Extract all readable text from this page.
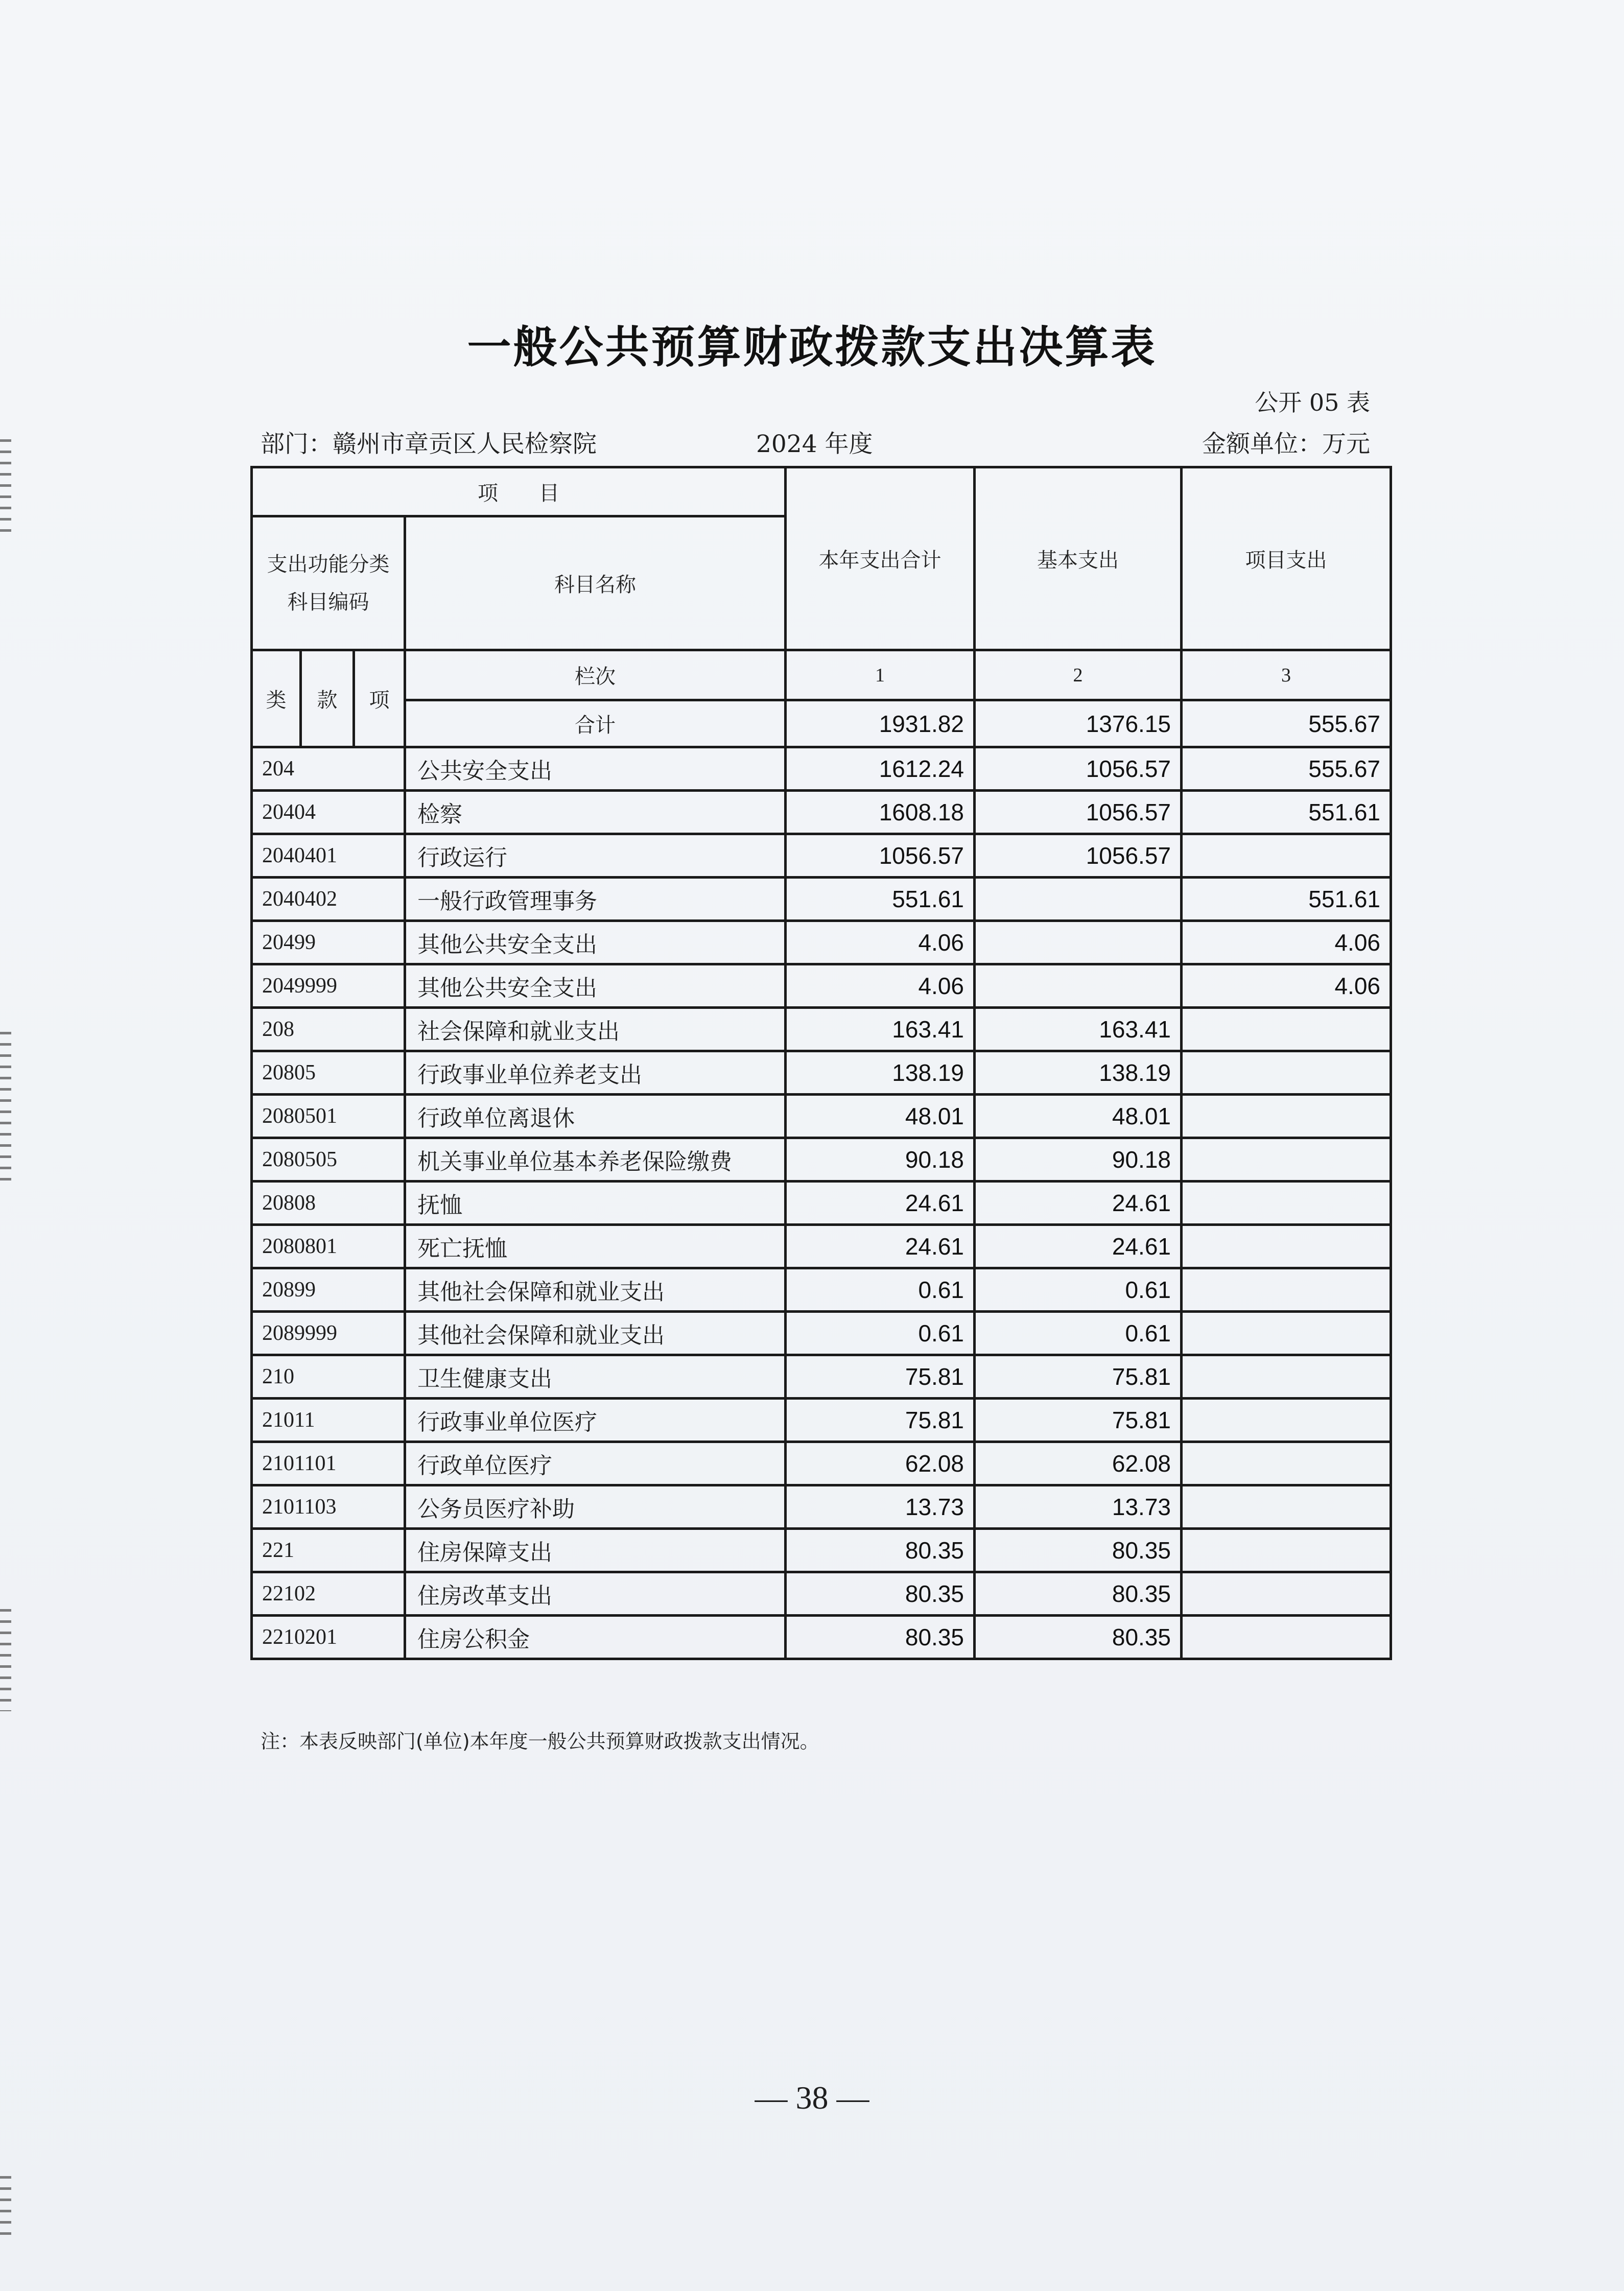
一般公共预算财政拨款支出决算表
公开 05 表
部门：赣州市章贡区人民检察院	2024 年度	金额单位：万元
项　　目				本年支出合计	基本支出	项目支出

支出功能分类
科目编码			科目名称			
类	款	项	栏次	1	2	3
			合计	1931.82	1376.15	555.67
204			公共安全支出	1612.24	1056.57	555.67
20404			检察	1608.18	1056.57	551.61
2040401			行政运行	1056.57	1056.57	
2040402			一般行政管理事务	551.61		551.61
20499			其他公共安全支出	4.06		4.06
2049999			其他公共安全支出	4.06		4.06
208			社会保障和就业支出	163.41	163.41	
20805			行政事业单位养老支出	138.19	138.19	
2080501			行政单位离退休	48.01	48.01	
2080505			机关事业单位基本养老保险缴费	90.18	90.18	
20808			抚恤	24.61	24.61	
2080801			死亡抚恤	24.61	24.61	
20899			其他社会保障和就业支出	0.61	0.61	
2089999			其他社会保障和就业支出	0.61	0.61	
210			卫生健康支出	75.81	75.81	
21011			行政事业单位医疗	75.81	75.81	
2101101			行政单位医疗	62.08	62.08	
2101103			公务员医疗补助	13.73	13.73	
221			住房保障支出	80.35	80.35	
22102			住房改革支出	80.35	80.35	
2210201			住房公积金	80.35	80.35	
注：本表反映部门(单位)本年度一般公共预算财政拨款支出情况。
— 38 —
